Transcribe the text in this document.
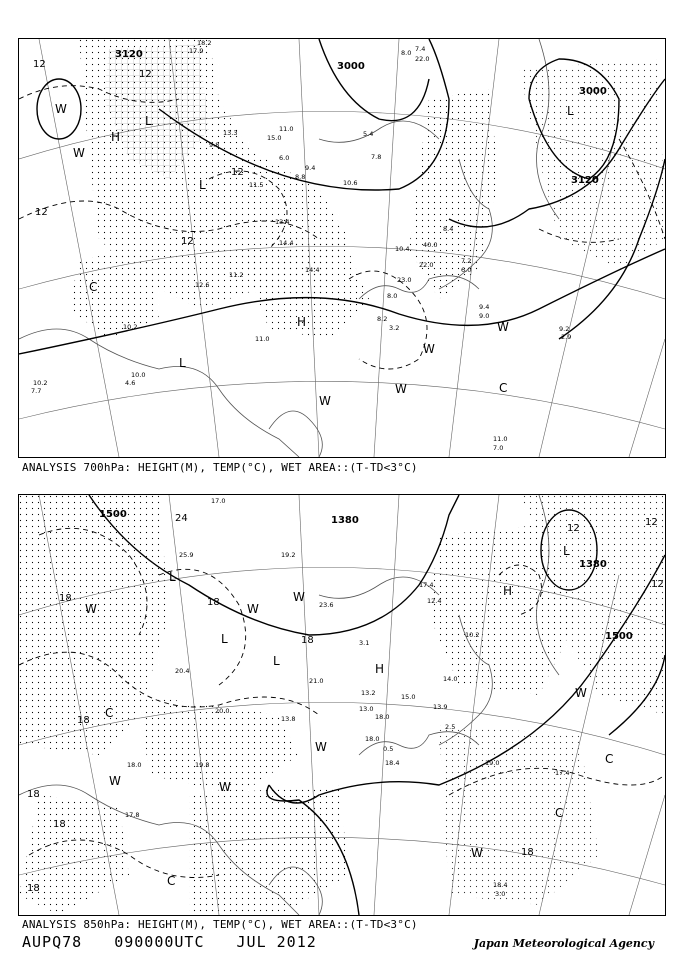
3120
3000
3000
3120
W
H
L
L
W
L
C
L
H	W
W
W
W
C
12
12
12
12
12
18.2
17.9
11.0
15.0
13.3
9.8
6.0
11.5
9.4
8.8
10.6
7.8
7.4
22.0
8.0
5.4
13.4
14.4
14.4
11.2
12.6
10.2
11.0
8.2
9.2
2.9
11.0
7.0
10.0
4.6
10.2
7.7
10.4
23.0
8.0
3.2
9.4
9.0
8.4
40.0
22.0	7.2
6.0
ANALYSIS 700hPa: HEIGHT(M), TEMP(°C), WET AREA::(T-TD<3°C)
1500
1500
1380
1380
L
L
H
W	W
L
W
L
C
W
W
C
W
C
W
H
W
C
18	18
18
18
18
18
18
24
12
12
12
18
17.0
25.9	19.2
23.6
21.0
20.0
13.8
15.0
18.0
17.4
12.4
13.9
19.8
18.0	19.0
18.4
17.4
18.4
3.0
17.8
18.0
20.4
13.0
14.0
2.5
0.5
3.1
10.2
13.2
ANALYSIS 850hPa: HEIGHT(M), TEMP(°C), WET AREA::(T-TD<3°C)
AUPQ78 090000UTC JUL 2012	Japan Meteorological Agency
